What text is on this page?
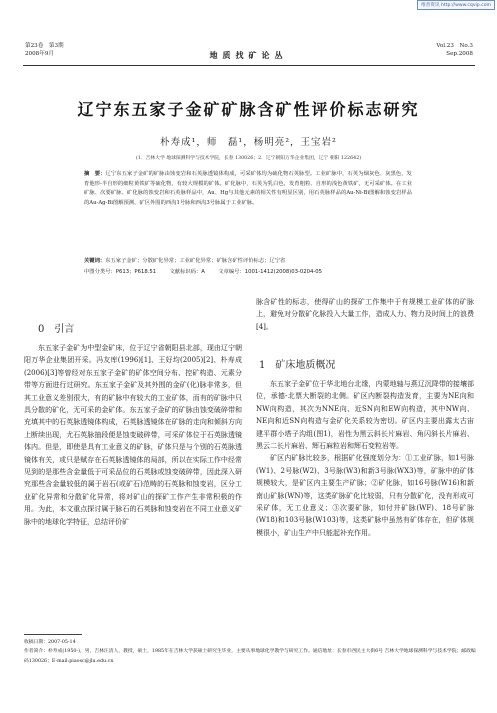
维普资讯 http://www.cqvip.com
第23卷　第3期
2008年9月	地质找矿论丛
Vol.23　No.3
Sep.2008
辽宁东五家子金矿矿脉含矿性评价标志研究
朴寿成¹，师　磊¹，杨明亮²，王宝岩²
(1．吉林大学 地球探测科学与技术学院，长春 130026；2．辽宁朝阳万华企业集团，辽宁 朝阳 122642)
摘　要：辽宁东五家子金矿的矿脉由蚀变岩和石英脉透镜体构成，可采矿体均为硫化物石英脉型。工业矿脉中，石英为烟灰色、灰黑色，发育他形-半自形的细粒黄铁矿等硫化物，有较大规模的矿体。矿化脉中，石英为乳白色，发育粗粒、自形的浅色黄铁矿，无可采矿体。在工业矿脉、次要矿脉、矿化脉的蚀变岩和石英脉样品中，Au、Hg与其他元素的相关性有明显区别，用石英脉样品的Au-Ni-Bi图解和蚀变岩样品的Au-Ag-Bi图解预测，矿区外围的西沟1号脉和西沟3号脉属于工业矿脉。
关键词：东五家子金矿；分散矿化异常；工业矿化异常；矿脉含矿性评价标志；辽宁省
中图分类号：P613；P618.51	文献标识码：A	文章编号：1001-1412(2008)03-0204-05
0　引言

东五家子金矿为中型金矿床，位于辽宁省朝阳县北部，现由辽宁朝阳万华企业集团开采。冯友库(1996)[1]、王好均(2005)[2]、朴寿成(2006)[3]等曾经对东五家子金矿的矿体空间分布、控矿构造、元素分带等方面进行过研究。东五家子金矿及其外围的金矿(化)脉非常多，但其工业意义差别很大，有的矿脉中有较大的工业矿体，而有的矿脉中只具分散的矿化，无可采的金矿体。东五家子金矿的矿脉由蚀变破碎带和充填其中的石英脉透镜体构成，石英脉透镜体在矿脉的走向和倾斜方向上断续出现，尤石英脉抽段便是蚀变破碎带，可采矿体位于石英脉透镜体内。但是，即使是具有工业意义的矿脉，矿体只是与个别的石英脉透镜体有关，或只是赋存在石英脉透镜体的局部，所以在实际工作中经常见到的是那些含金量低于可采品位的石英脉或蚀变破碎带，因此深入研究那些含金量较低的属于岩石(或矿石)范畴的石英脉和蚀变岩，区分工业矿化异常和分散矿化异常，将对矿山的探矿工作产生非常积极的作用。为此，本文重点探讨属于脉石的石英脉和蚀变岩在不同工业意义矿脉中的地球化学特征，总结评价矿

脉含矿性的标志，使得矿山的探矿工作集中于有规模工业矿体的矿脉上，避免对分散矿化脉投入大量工作，造成人力、物力及时间上的浪费[4]。

1　矿床地质概况

东五家子金矿位于华北地台北缘，内蒙地轴与燕辽沉降带的接壤部位，承德-北票大断裂的北侧。矿区内断裂构造发育，主要为NE向和NW向构造，其次为NNE向、近SN向和EW向构造，其中NW向、NE向和近SN向构造与金矿化关系较为密切。矿区内主要出露太古宙建平群小塔子沟组(图1)，岩性为黑云斜长片麻岩、角闪斜长片麻岩、黑云二长片麻岩、辉石麻粒岩和辉石变粒岩等。

矿区内矿脉比较多，根据矿化强度划分为：①工业矿脉，如1号脉(W1)、2号脉(W2)、3号脉(W3)和新3号脉(WX3)等，矿脉中的矿体规模较大，是矿区内主要生产矿脉；②矿化脉，如16号脉(W16)和新南山矿脉(WN)等，这类矿脉矿化比较弱，只有分散矿化，没有形成可采矿体，无工业意义；③次要矿脉，如付井矿脉(WF)、18号矿脉(W18)和103号脉(W103)等，这类矿脉中虽然有矿体存在，但矿体规模很小，矿山生产中只能起补充作用。

收稿日期：2007-05-14
作者简介：朴寿成(1950-)，男，吉林汪清人，教授，硕士，1985年在吉林大学获硕士研究生毕业，主要从事地球化学教学与研究工作。通信地址：长春市西民主大街6号 吉林大学地球探测科学与技术学院；邮政编码130026；E-mail:piaosc@jlu.edu.cn
